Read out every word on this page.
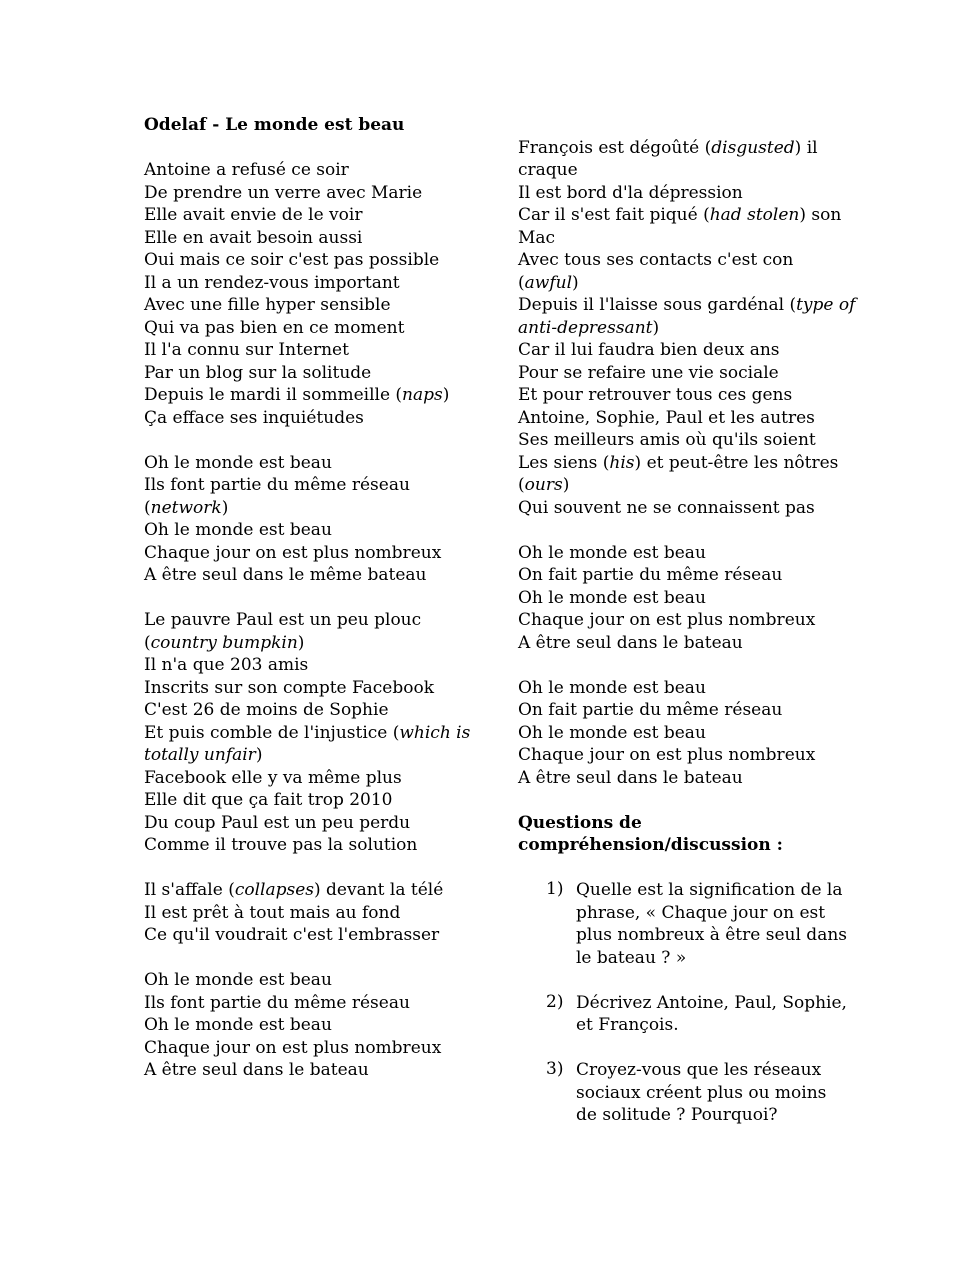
Odelaf - Le monde est beau
Antoine a refusé ce soir
De prendre un verre avec Marie
Elle avait envie de le voir
Elle en avait besoin aussi
Oui mais ce soir c'est pas possible
Il a un rendez-vous important
Avec une fille hyper sensible
Qui va pas bien en ce moment
Il l'a connu sur Internet
Par un blog sur la solitude
Depuis le mardi il sommeille (naps)
Ça efface ses inquiétudes
Oh le monde est beau
Ils font partie du même réseau
(network)
Oh le monde est beau
Chaque jour on est plus nombreux
A être seul dans le même bateau
Le pauvre Paul est un peu plouc
(country bumpkin)
Il n'a que 203 amis
Inscrits sur son compte Facebook
C'est 26 de moins de Sophie
Et puis comble de l'injustice (which is
totally unfair)
Facebook elle y va même plus
Elle dit que ça fait trop 2010
Du coup Paul est un peu perdu
Comme il trouve pas la solution
Il s'affale (collapses) devant la télé
Il est prêt à tout mais au fond
Ce qu'il voudrait c'est l'embrasser
Oh le monde est beau
Ils font partie du même réseau
Oh le monde est beau
Chaque jour on est plus nombreux
A être seul dans le bateau
François est dégoûté (disgusted) il
craque
Il est bord d'la dépression
Car il s'est fait piqué (had stolen) son
Mac
Avec tous ses contacts c'est con
(awful)
Depuis il l'laisse sous gardénal (type of
anti-depressant)
Car il lui faudra bien deux ans
Pour se refaire une vie sociale
Et pour retrouver tous ces gens
Antoine, Sophie, Paul et les autres
Ses meilleurs amis où qu'ils soient
Les siens (his) et peut-être les nôtres
(ours)
Qui souvent ne se connaissent pas
Oh le monde est beau
On fait partie du même réseau
Oh le monde est beau
Chaque jour on est plus nombreux
A être seul dans le bateau
Oh le monde est beau
On fait partie du même réseau
Oh le monde est beau
Chaque jour on est plus nombreux
A être seul dans le bateau
Questions de
compréhension/discussion :
1) Quelle est la signification de la
phrase, « Chaque jour on est
plus nombreux à être seul dans
le bateau ? »
2) Décrivez Antoine, Paul, Sophie,
et François.
3) Croyez-vous que les réseaux
sociaux créent plus ou moins
de solitude ? Pourquoi?
